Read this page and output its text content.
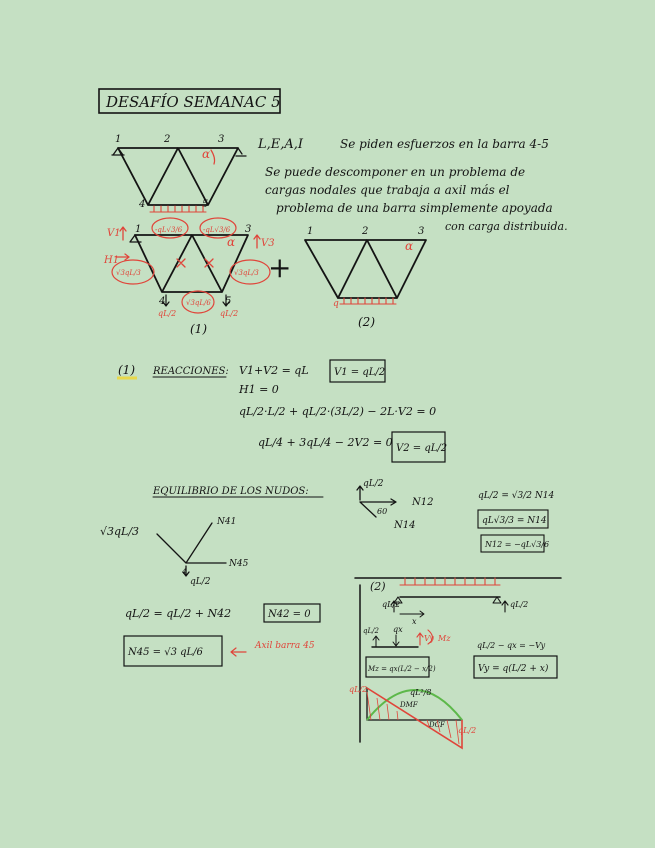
DESAFÍO SEMANAC 5
L,E,A,I	Se piden esfuerzos en la barra 4-5
Se puede descomponer en un problema de
cargas nodales que trabaja a axil más el
problema de una barra simplemente apoyada
con carga distribuida.
1	2	3
4	5
α
1	3
4	5
α
V1
H1
V3
-qL√3/6	-qL√3/6
√3qL/3	√3qL/3
√3qL/6
qL/2	qL/2
(1)
+
1	2	3
α
q
(2)
(1) REACCIONES: V1+V2 = qL	V1 = qL/2
H1 = 0
qL/2·L/2 + qL/2·(3L/2) − 2L·V2 = 0
qL/4 + 3qL/4 − 2V2 = 0 V2 = qL/2
EQUILIBRIO DE LOS NUDOS:
qL/2
60
N12
N14
qL/2 = √3/2 N14
qL√3/3 = N14
N12 = −qL√3/6
√3qL/3
N41
N45
4
qL/2
qL/2 = qL/2 + N42	N42 = 0
N45 = √3 qL/6
Axil barra 45
(2)
qL/2	qL/2
x
qL/2 qx
Vy Mz
Mz = qx(L/2 − x/2)
qL/2 − qx = −Vy
Vy = q(L/2 + x)
qL²/8
qL/2
qL/2
DMF
DCF
